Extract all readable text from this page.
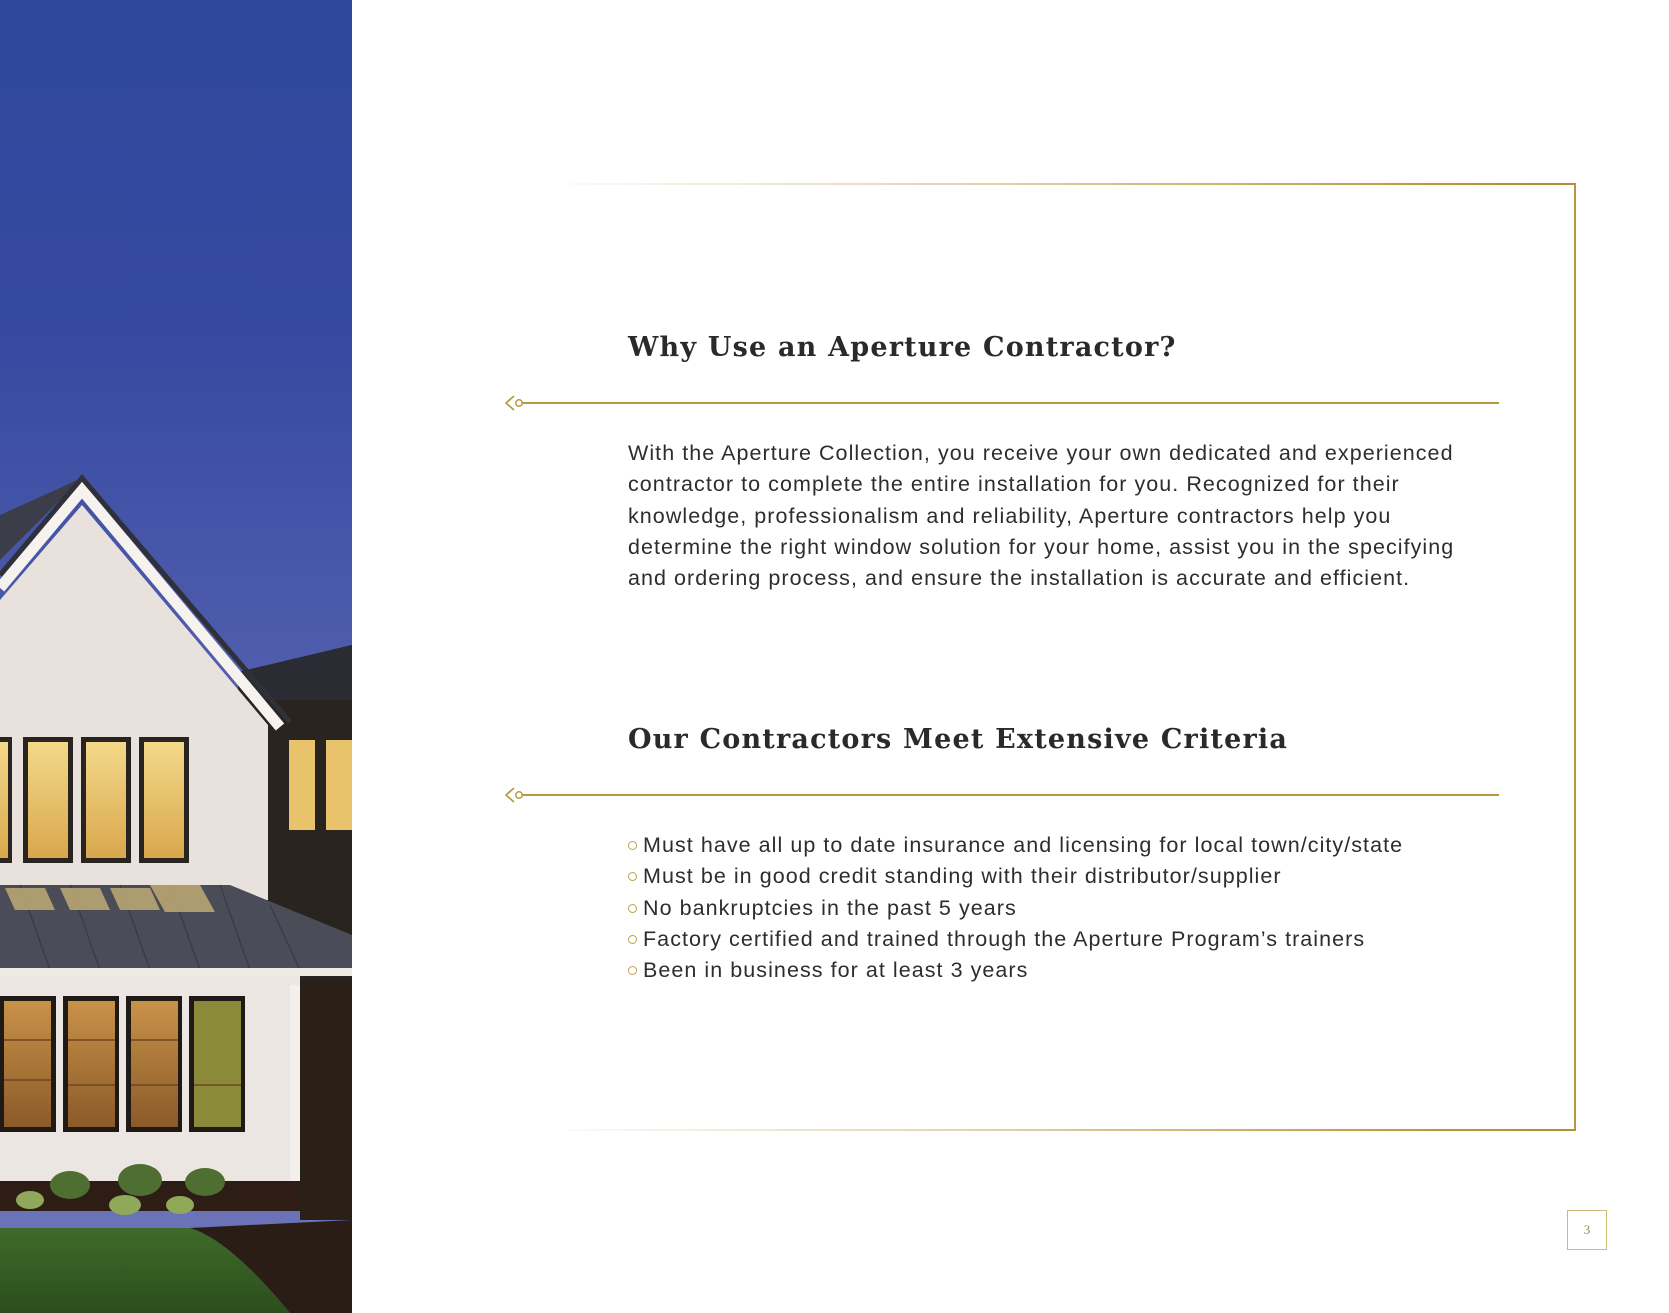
Why Use an Aperture Contractor?

With the Aperture Collection, you receive your own dedicated and experienced contractor to complete the entire installation for you. Recognized for their knowledge, professionalism and reliability, Aperture contractors help you determine the right window solution for your home, assist you in the specifying and ordering process, and ensure the installation is accurate and efficient.

Our Contractors Meet Extensive Criteria
Must have all up to date insurance and licensing for local town/city/state
Must be in good credit standing with their distributor/supplier
No bankruptcies in the past 5 years
Factory certified and trained through the Aperture Program’s trainers
Been in business for at least 3 years
3
